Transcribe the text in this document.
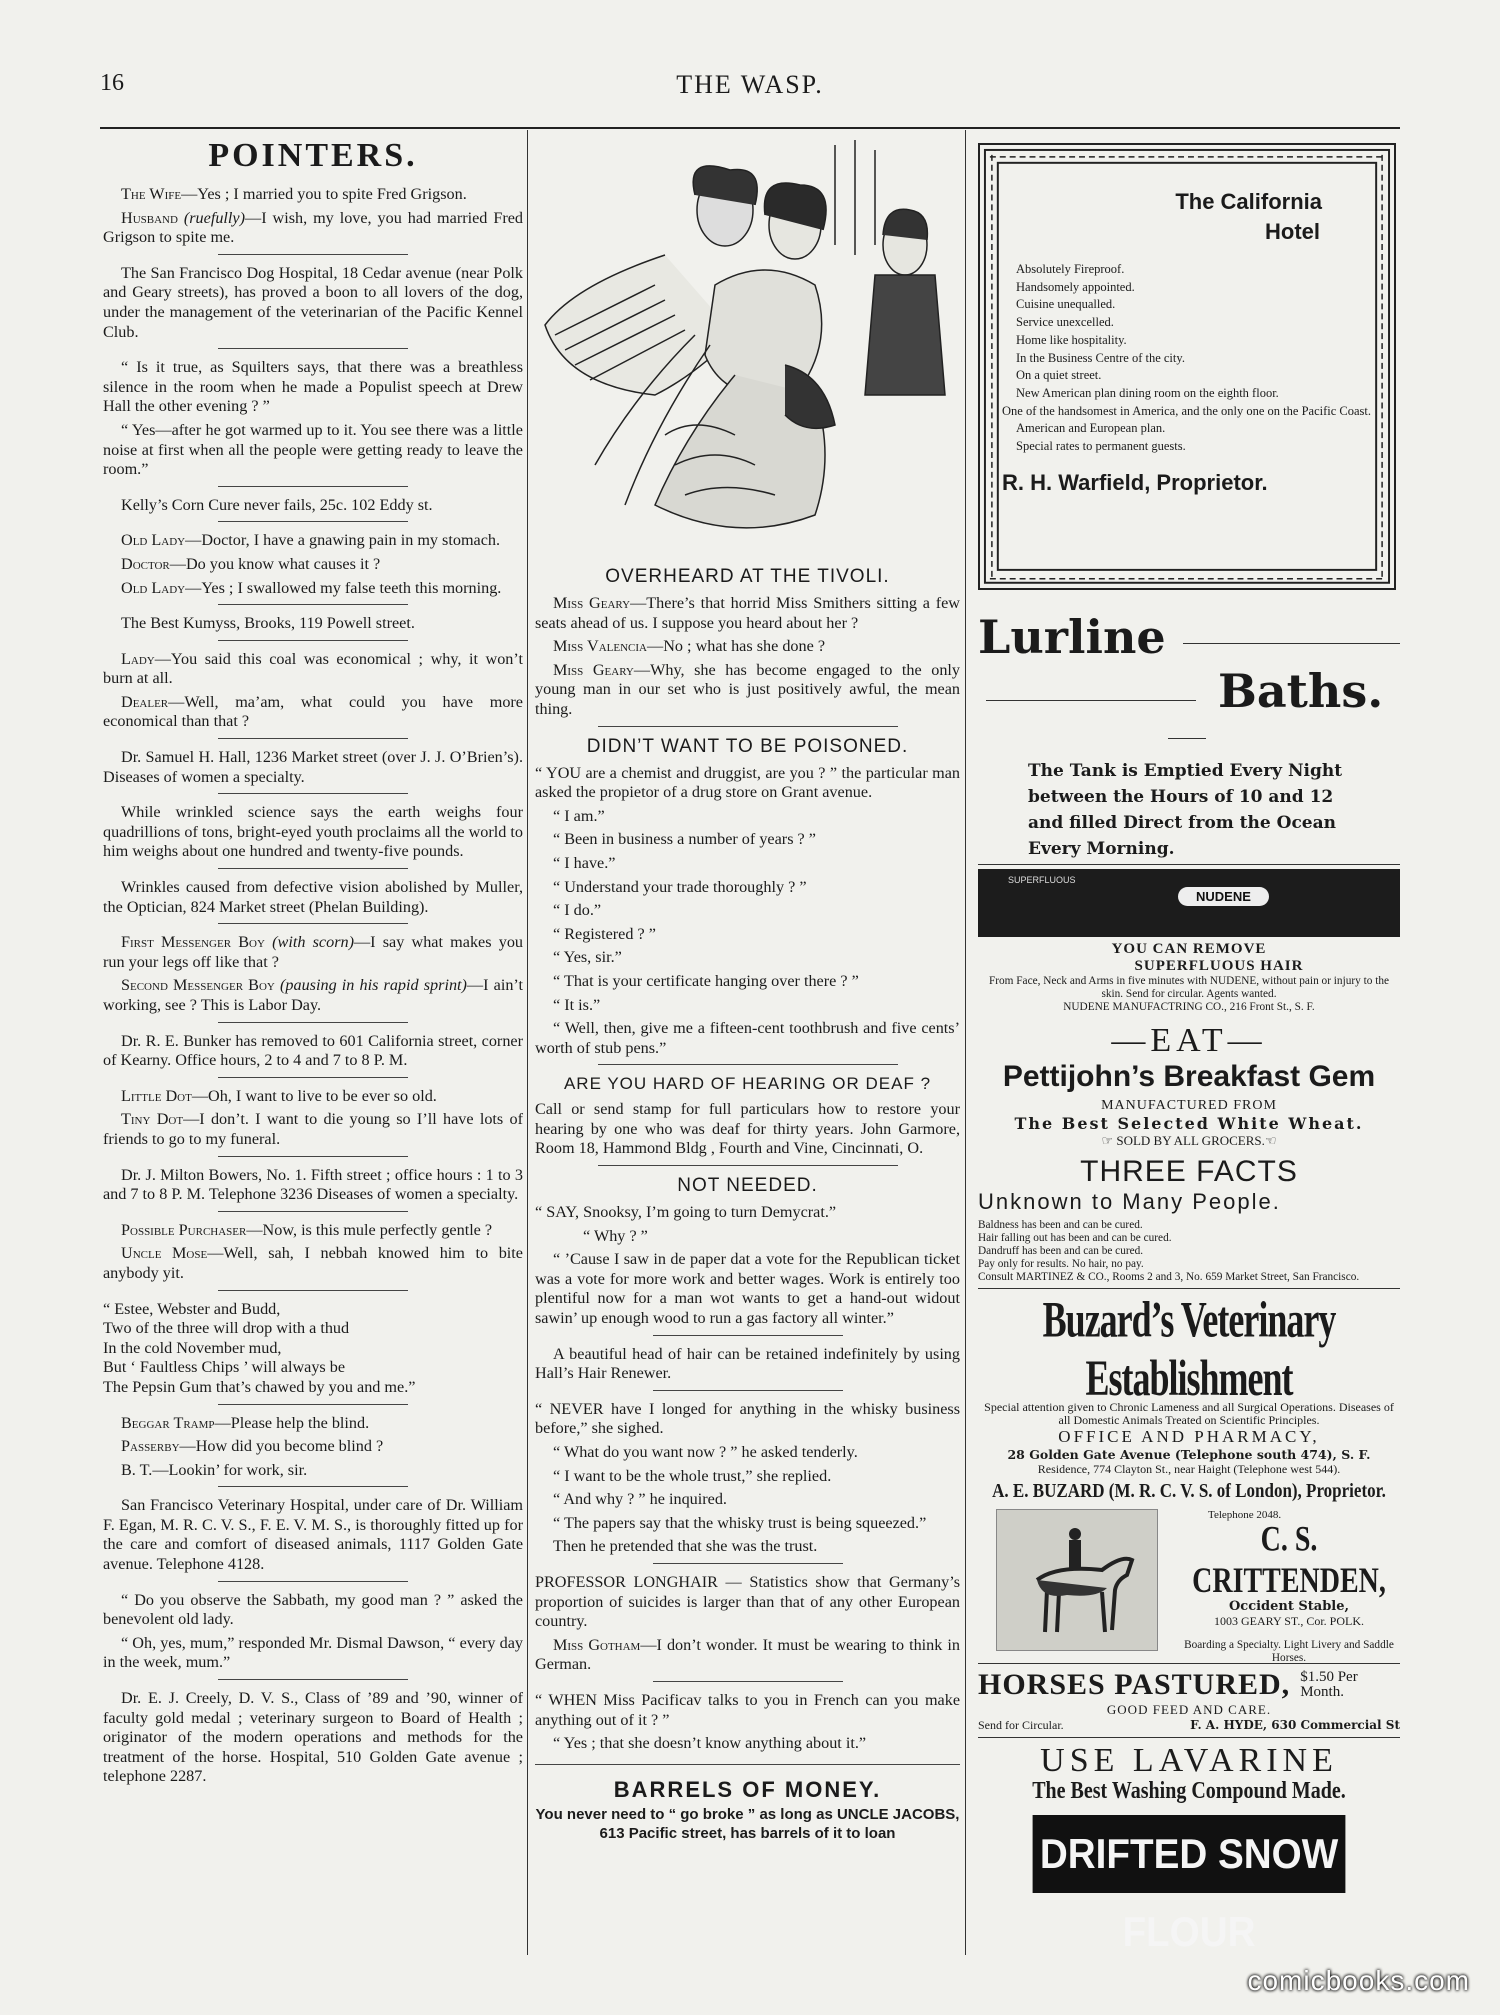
16	THE WASP.
POINTERS.

The Wife—Yes ; I married you to spite Fred Grigson.

Husband (ruefully)—I wish, my love, you had married Fred Grigson to spite me.

The San Francisco Dog Hospital, 18 Cedar avenue (near Polk and Geary streets), has proved a boon to all lovers of the dog, under the management of the veterinarian of the Pacific Kennel Club.

“ Is it true, as Squilters says, that there was a breathless silence in the room when he made a Populist speech at Drew Hall the other evening ? ”

“ Yes—after he got warmed up to it. You see there was a little noise at first when all the people were getting ready to leave the room.”

Kelly’s Corn Cure never fails, 25c. 102 Eddy st.

Old Lady—Doctor, I have a gnawing pain in my stomach.

Doctor—Do you know what causes it ?

Old Lady—Yes ; I swallowed my false teeth this morning.

The Best Kumyss, Brooks, 119 Powell street.

Lady—You said this coal was economical ; why, it won’t burn at all.

Dealer—Well, ma’am, what could you have more economical than that ?

Dr. Samuel H. Hall, 1236 Market street (over J. J. O’Brien’s). Diseases of women a specialty.

While wrinkled science says the earth weighs four quadrillions of tons, bright-eyed youth proclaims all the world to him weighs about one hundred and twenty-five pounds.

Wrinkles caused from defective vision abolished by Muller, the Optician, 824 Market street (Phelan Building).

First Messenger Boy (with scorn)—I say what makes you run your legs off like that ?

Second Messenger Boy (pausing in his rapid sprint)—I ain’t working, see ? This is Labor Day.

Dr. R. E. Bunker has removed to 601 California street, corner of Kearny. Office hours, 2 to 4 and 7 to 8 P. M.

Little Dot—Oh, I want to live to be ever so old.

Tiny Dot—I don’t. I want to die young so I’ll have lots of friends to go to my funeral.

Dr. J. Milton Bowers, No. 1. Fifth street ; office hours : 1 to 3 and 7 to 8 P. M. Telephone 3236 Diseases of women a specialty.

Possible Purchaser—Now, is this mule perfectly gentle ?

Uncle Mose—Well, sah, I nebbah knowed him to bite anybody yit.

“ Estee, Webster and Budd,

Two of the three will drop with a thud

In the cold November mud,

But ‘ Faultless Chips ’ will always be

The Pepsin Gum that’s chawed by you and me.”

Beggar Tramp—Please help the blind.

Passerby—How did you become blind ?

B. T.—Lookin’ for work, sir.

San Francisco Veterinary Hospital, under care of Dr. William F. Egan, M. R. C. V. S., F. E. V. M. S., is thoroughly fitted up for the care and comfort of diseased animals, 1117 Golden Gate avenue. Telephone 4128.

“ Do you observe the Sabbath, my good man ? ” asked the benevolent old lady.

“ Oh, yes, mum,” responded Mr. Dismal Dawson, “ every day in the week, mum.”

Dr. E. J. Creely, D. V. S., Class of ’89 and ’90, winner of faculty gold medal ; veterinary surgeon to Board of Health ; originator of the modern operations and methods for the treatment of the horse. Hospital, 510 Golden Gate avenue ; telephone 2287.

OVERHEARD AT THE TIVOLI.

Miss Geary—There’s that horrid Miss Smithers sitting a few seats ahead of us. I suppose you heard about her ?

Miss Valencia—No ; what has she done ?

Miss Geary—Why, she has become engaged to the only young man in our set who is just positively awful, the mean thing.

DIDN’T WANT TO BE POISONED.

“ YOU are a chemist and druggist, are you ? ” the particular man asked the propietor of a drug store on Grant avenue.

“ I am.”

“ Been in business a number of years ? ”

“ I have.”

“ Understand your trade thoroughly ? ”

“ I do.”

“ Registered ? ”

“ Yes, sir.”

“ That is your certificate hanging over there ? ”

“ It is.”

“ Well, then, give me a fifteen-cent toothbrush and five cents’ worth of stub pens.”

ARE YOU HARD OF HEARING OR DEAF ?

Call or send stamp for full particulars how to restore your hearing by one who was deaf for thirty years. John Garmore, Room 18, Hammond Bldg , Fourth and Vine, Cincinnati, O.

NOT NEEDED.

“ SAY, Snooksy, I’m going to turn Demycrat.”

“ Why ? ”

“ ’Cause I saw in de paper dat a vote for the Republican ticket was a vote for more work and better wages. Work is entirely too plentiful now for a man wot wants to get a hand-out widout sawin’ up enough wood to run a gas factory all winter.”

A beautiful head of hair can be retained indefinitely by using Hall’s Hair Renewer.

“ NEVER have I longed for anything in the whisky business before,” she sighed.

“ What do you want now ? ” he asked tenderly.

“ I want to be the whole trust,” she replied.

“ And why ? ” he inquired.

“ The papers say that the whisky trust is being squeezed.”

Then he pretended that she was the trust.

PROFESSOR LONGHAIR — Statistics show that Germany’s proportion of suicides is larger than that of any other European country.

Miss Gotham—I don’t wonder. It must be wearing to think in German.

“ WHEN Miss Pacificav talks to you in French can you make anything out of it ? ”

“ Yes ; that she doesn’t know anything about it.”

BARRELS OF MONEY.
You never need to “ go broke ” as long as UNCLE JACOBS, 613 Pacific street, has barrels of it to loan
The California
Hotel
Absolutely Fireproof.
Handsomely appointed.
Cuisine unequalled.
Service unexcelled.
Home like hospitality.
In the Business Centre of the city.
On a quiet street.
New American plan dining room on the eighth floor.
One of the handsomest in America, and the only one on the Pacific Coast.
American and European plan.
Special rates to permanent guests.
R. H. Warfield, Proprietor.
Lurline
Baths.
The Tank is Emptied Every Night
between the Hours of 10 and 12
and filled Direct from the Ocean
Every Morning.
SUPERFLUOUS
NUDENE
YOU CAN REMOVE
SUPERFLUOUS HAIR
From Face, Neck and Arms in five minutes with NUDENE, without pain or injury to the skin. Send for circular. Agents wanted.
NUDENE MANUFACTRING CO., 216 Front St., S. F.
—EAT—
Pettijohn’s Breakfast Gem
MANUFACTURED FROM
The Best Selected White Wheat.
☞ SOLD BY ALL GROCERS.☜
THREE FACTS
Unknown to Many People.
Baldness has been and can be cured.
Hair falling out has been and can be cured.
Dandruff has been and can be cured.
Pay only for results. No hair, no pay.
Consult MARTINEZ & CO., Rooms 2 and 3, No. 659 Market Street, San Francisco.
Buzard’s Veterinary Establishment
Special attention given to Chronic Lameness and all Surgical Operations. Diseases of all Domestic Animals Treated on Scientific Principles.
OFFICE AND PHARMACY,
28 Golden Gate Avenue (Telephone south 474), S. F.
Residence, 774 Clayton St., near Haight (Telephone west 544).
A. E. BUZARD (M. R. C. V. S. of London), Proprietor.
Telephone 2048.
C. S. CRITTENDEN,
Occident Stable,
1003 GEARY ST., Cor. POLK.
Boarding a Specialty. Light Livery and Saddle Horses.
HORSES PASTURED, $1.50 Per Month.
GOOD FEED AND CARE.
Send for Circular.	F. A. HYDE, 630 Commercial St
USE LAVARINE
The Best Washing Compound Made.
DRIFTED SNOW FLOUR
comicbooks.com
